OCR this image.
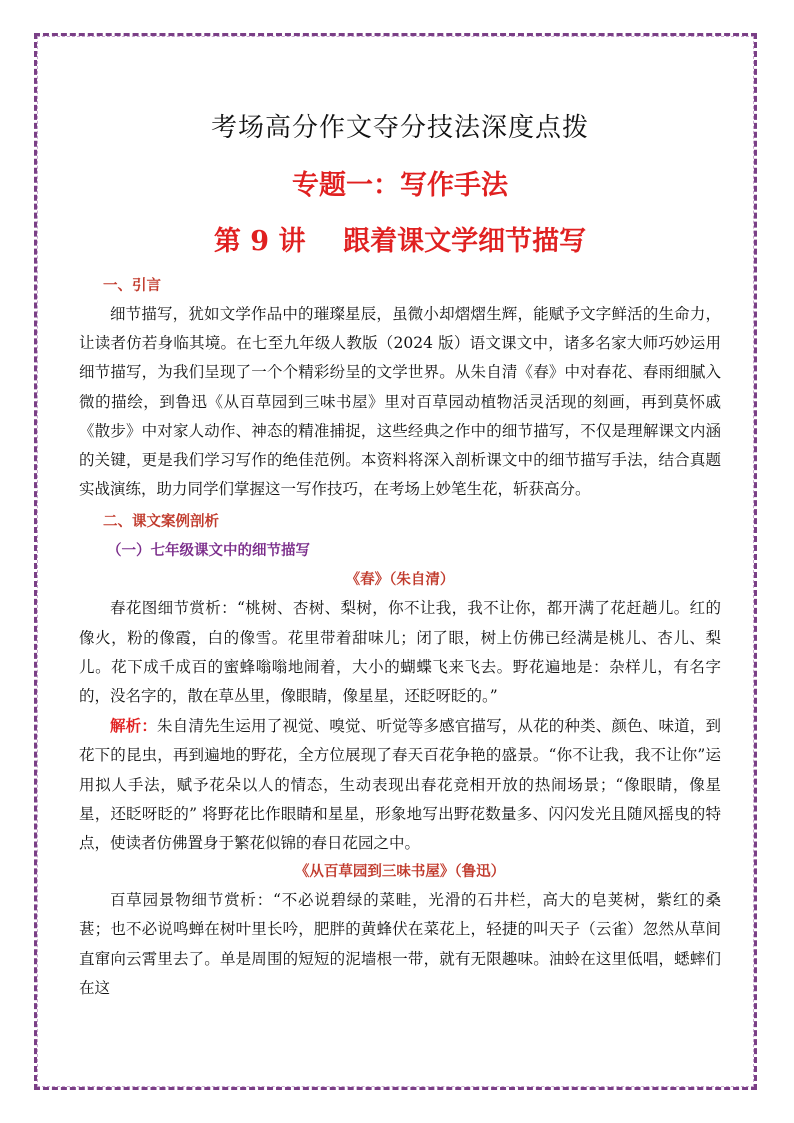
考场高分作文夺分技法深度点拨
专题一：写作手法
第 9 讲    跟着课文学细节描写
一、引言

细节描写，犹如文学作品中的璀璨星辰，虽微小却熠熠生辉，能赋予文字鲜活的生命力，让读者仿若身临其境。在七至九年级人教版（2024 版）语文课文中，诸多名家大师巧妙运用细节描写，为我们呈现了一个个精彩纷呈的文学世界。从朱自清《春》中对春花、春雨细腻入微的描绘，到鲁迅《从百草园到三味书屋》里对百草园动植物活灵活现的刻画，再到莫怀戚《散步》中对家人动作、神态的精准捕捉，这些经典之作中的细节描写，不仅是理解课文内涵的关键，更是我们学习写作的绝佳范例。本资料将深入剖析课文中的细节描写手法，结合真题实战演练，助力同学们掌握这一写作技巧，在考场上妙笔生花，斩获高分。

二、课文案例剖析
（一）七年级课文中的细节描写
《春》（朱自清）

春花图细节赏析：“桃树、杏树、梨树，你不让我，我不让你，都开满了花赶趟儿。红的像火，粉的像霞，白的像雪。花里带着甜味儿；闭了眼，树上仿佛已经满是桃儿、杏儿、梨儿。花下成千成百的蜜蜂嗡嗡地闹着，大小的蝴蝶飞来飞去。野花遍地是：杂样儿，有名字的，没名字的，散在草丛里，像眼睛，像星星，还眨呀眨的。”

解析：朱自清先生运用了视觉、嗅觉、听觉等多感官描写，从花的种类、颜色、味道，到花下的昆虫，再到遍地的野花，全方位展现了春天百花争艳的盛景。“你不让我，我不让你”运用拟人手法，赋予花朵以人的情态，生动表现出春花竞相开放的热闹场景；“像眼睛，像星星，还眨呀眨的” 将野花比作眼睛和星星，形象地写出野花数量多、闪闪发光且随风摇曳的特点，使读者仿佛置身于繁花似锦的春日花园之中。

《从百草园到三味书屋》（鲁迅）

百草园景物细节赏析：“不必说碧绿的菜畦，光滑的石井栏，高大的皂荚树，紫红的桑葚；也不必说鸣蝉在树叶里长吟，肥胖的黄蜂伏在菜花上，轻捷的叫天子（云雀）忽然从草间直窜向云霄里去了。单是周围的短短的泥墙根一带，就有无限趣味。油蛉在这里低唱，蟋蟀们在这
